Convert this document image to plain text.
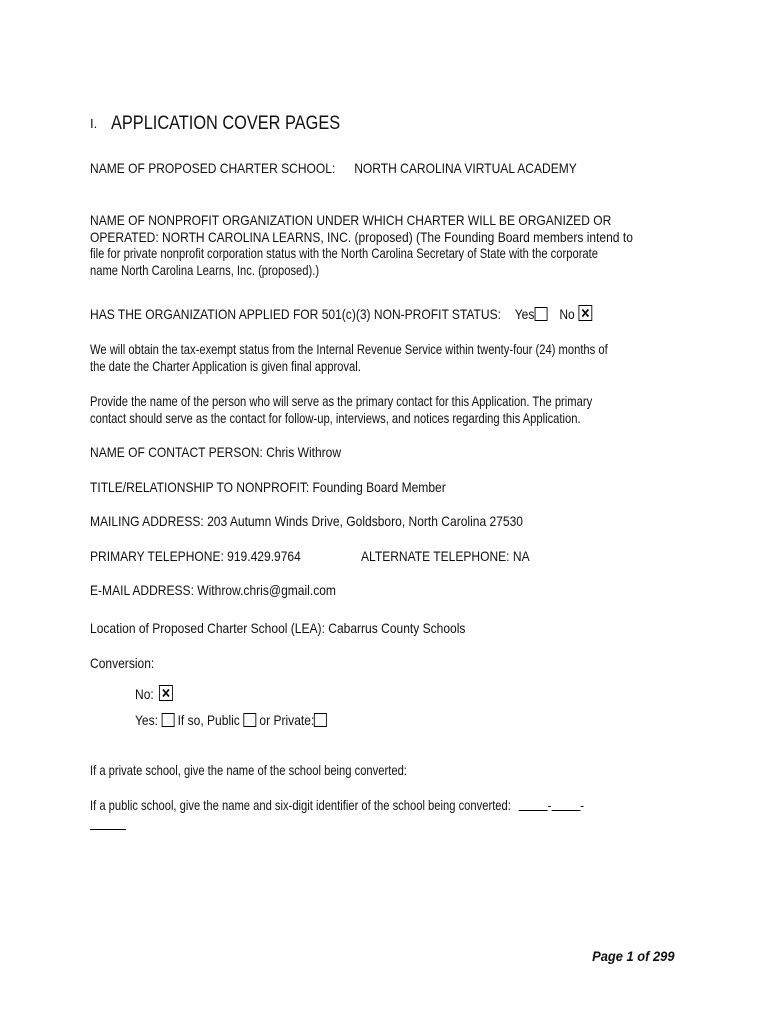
I. APPLICATION COVER PAGES
NAME OF PROPOSED CHARTER SCHOOL: NORTH CAROLINA VIRTUAL ACADEMY
NAME OF NONPROFIT ORGANIZATION UNDER WHICH CHARTER WILL BE ORGANIZED OR
OPERATED: NORTH CAROLINA LEARNS, INC. (proposed) (The Founding Board members intend to
file for private nonprofit corporation status with the North Carolina Secretary of State with the corporate
name North Carolina Learns, Inc. (proposed).)
HAS THE ORGANIZATION APPLIED FOR 501(c)(3) NON-PROFIT STATUS: Yes No
We will obtain the tax-exempt status from the Internal Revenue Service within twenty-four (24) months of
the date the Charter Application is given final approval.
Provide the name of the person who will serve as the primary contact for this Application. The primary
contact should serve as the contact for follow-up, interviews, and notices regarding this Application.
NAME OF CONTACT PERSON: Chris Withrow
TITLE/RELATIONSHIP TO NONPROFIT: Founding Board Member
MAILING ADDRESS: 203 Autumn Winds Drive, Goldsboro, North Carolina 27530
PRIMARY TELEPHONE: 919.429.9764	ALTERNATE TELEPHONE: NA
E-MAIL ADDRESS: Withrow.chris@gmail.com
Location of Proposed Charter School (LEA): Cabarrus County Schools
Conversion:
No:
Yes: If so, Public or Private:
If a private school, give the name of the school being converted:
If a public school, give the name and six-digit identifier of the school being converted:	- -
Page 1 of 299
